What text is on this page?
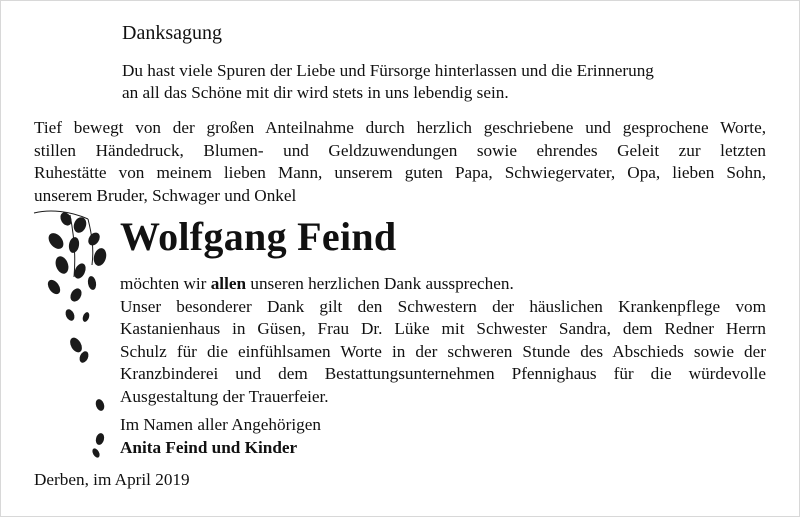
Danksagung
Du hast viele Spuren der Liebe und Fürsorge hinterlassen und die Erinnerung
an all das Schöne mit dir wird stets in uns lebendig sein.
Tief bewegt von der großen Anteilnahme durch herzlich geschriebene und gesprochene Worte,
stillen Händedruck, Blumen- und Geldzuwendungen sowie ehrendes Geleit zur letzten
Ruhestätte von meinem lieben Mann, unserem guten Papa, Schwiegervater, Opa, lieben Sohn,
unserem Bruder, Schwager und Onkel
Wolfgang Feind
möchten wir allen unseren herzlichen Dank aussprechen.
Unser besonderer Dank gilt den Schwestern der häuslichen Krankenpflege vom
Kastanienhaus in Güsen, Frau Dr. Lüke mit Schwester Sandra, dem Redner Herrn
Schulz für die einfühlsamen Worte in der schweren Stunde des Abschieds sowie der
Kranzbinderei und dem Bestattungsunternehmen Pfennighaus für die würdevolle
Ausgestaltung der Trauerfeier.
Im Namen aller Angehörigen
Anita Feind und Kinder
Derben, im April 2019
